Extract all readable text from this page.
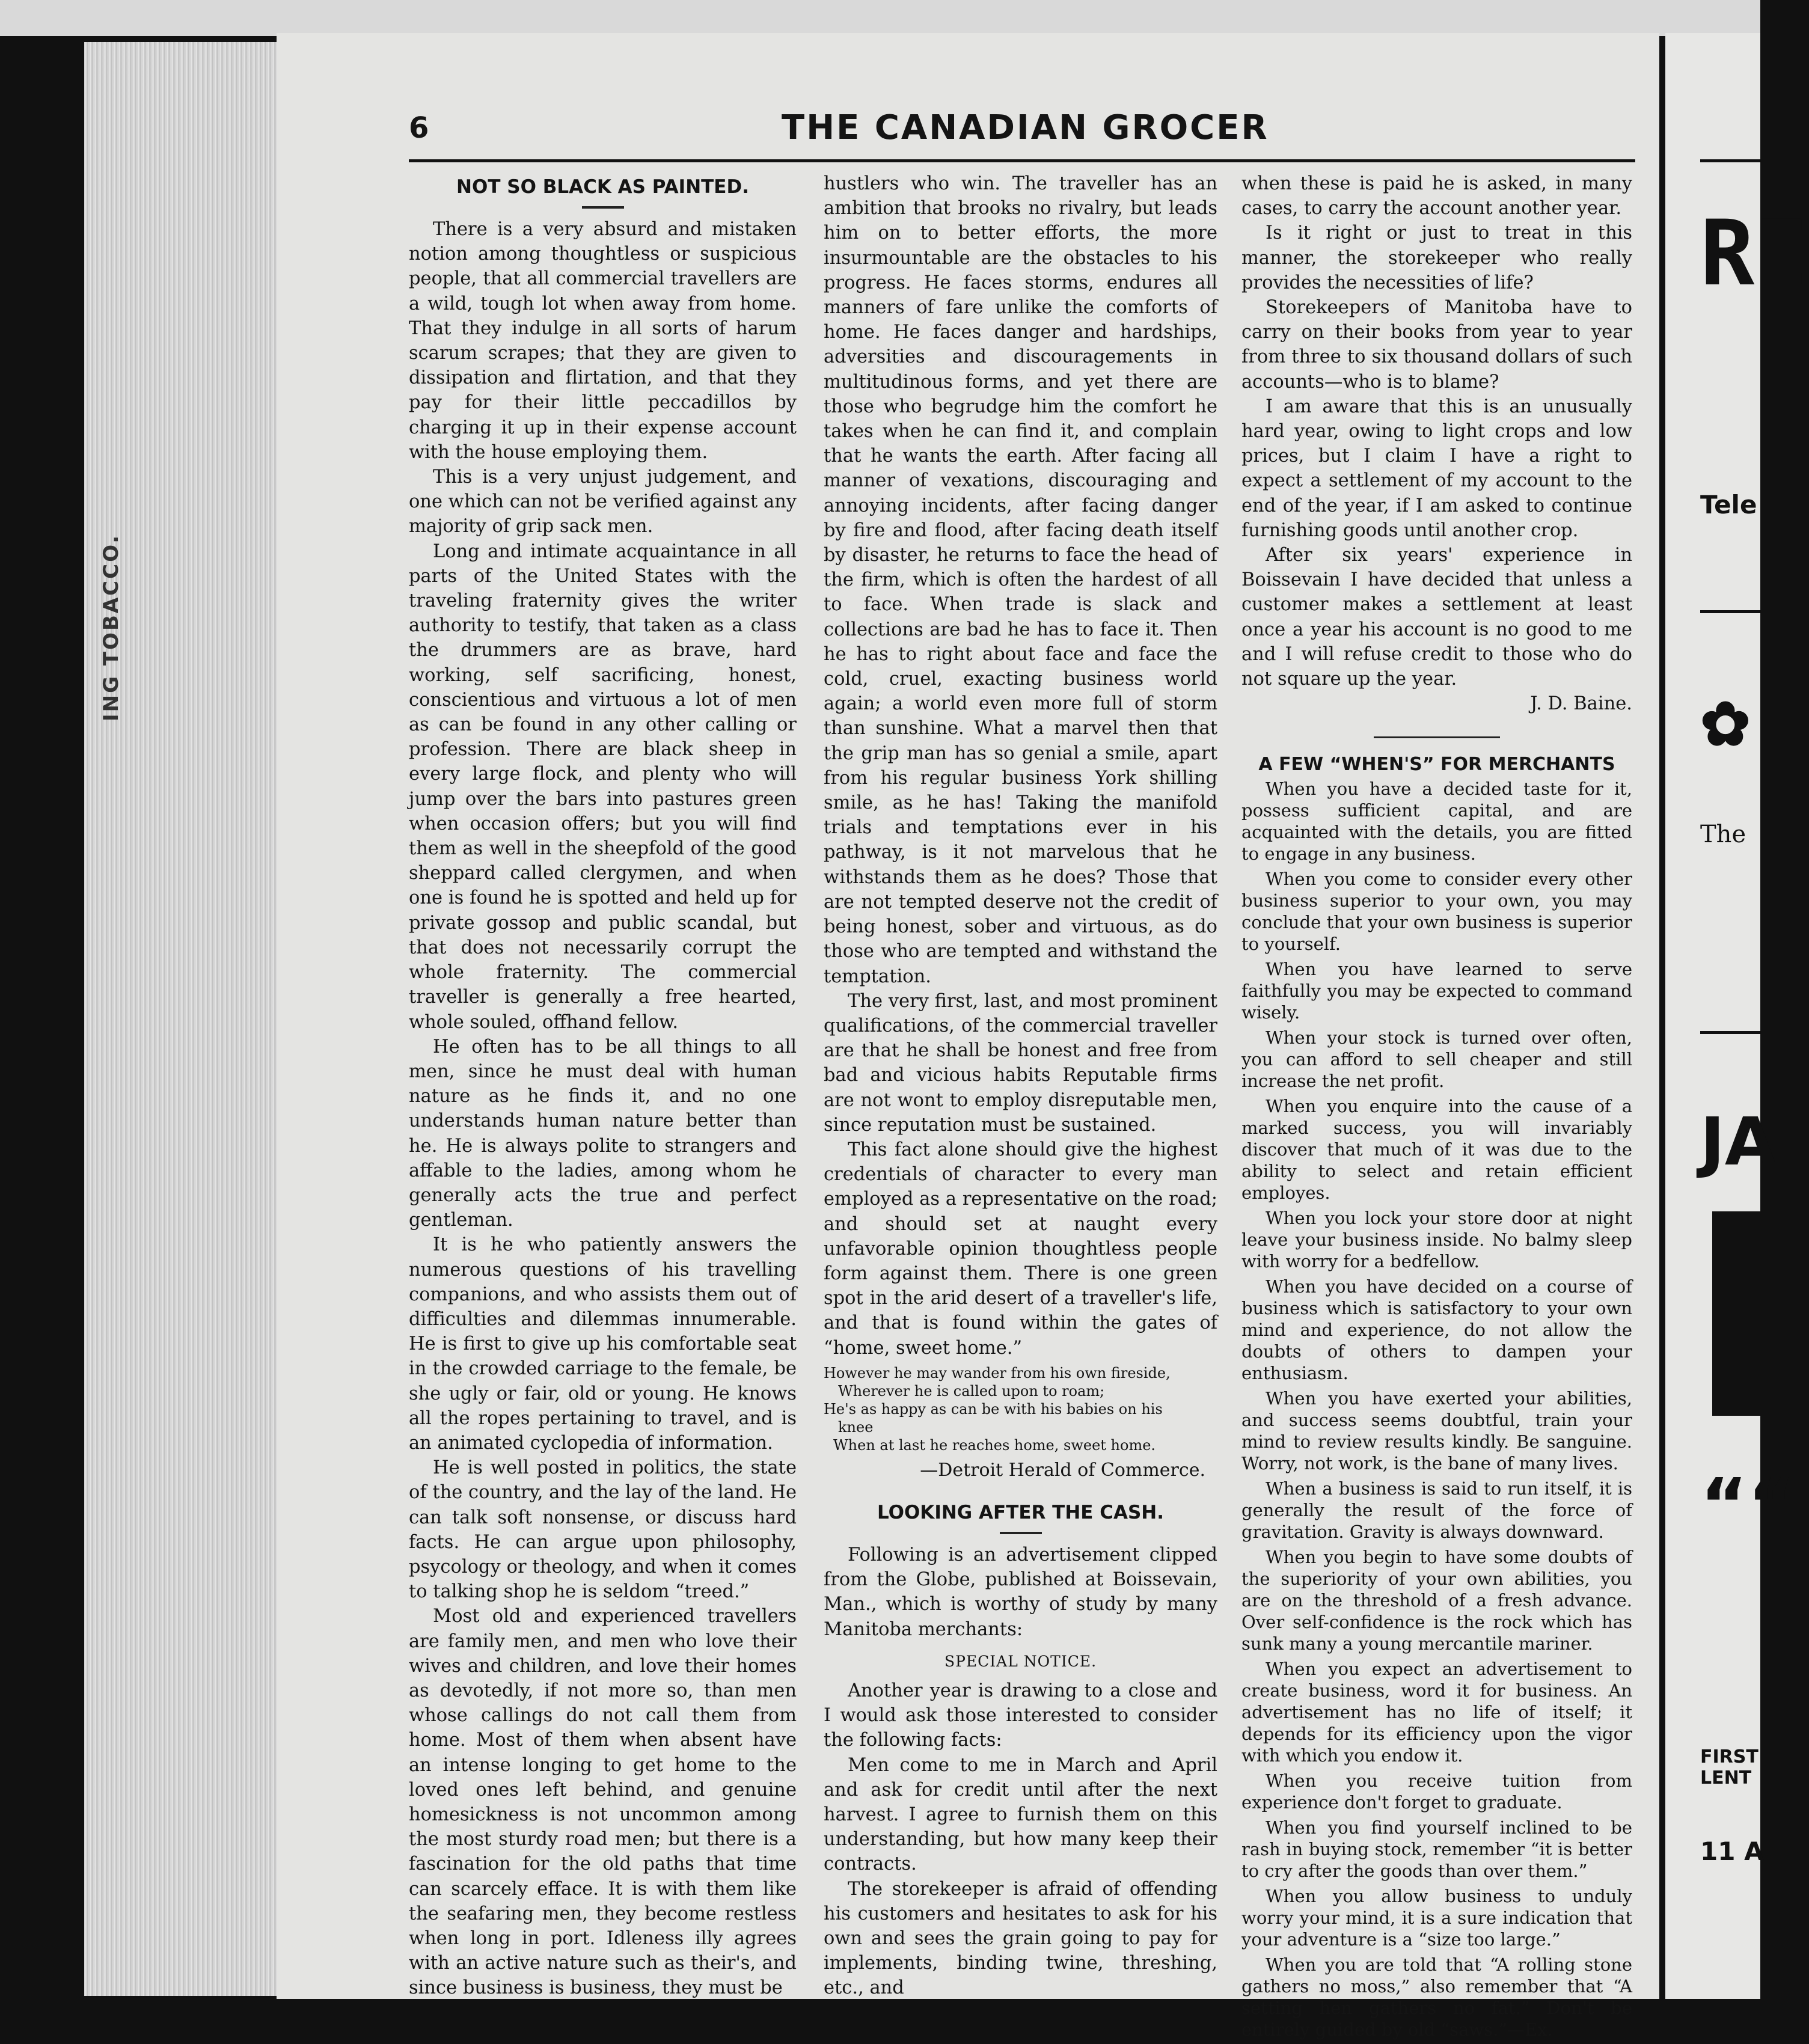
ING TOBACCO.
RI
Tele
✿
The
JA
““
FIRST
LENT
11 A
6	THE CANADIAN GROCER
NOT SO BLACK AS PAINTED.

There is a very absurd and mistaken notion among thoughtless or suspicious people, that all commercial travellers are a wild, tough lot when away from home. That they indulge in all sorts of harum scarum scrapes; that they are given to dissipation and flirtation, and that they pay for their little peccadillos by charging it up in their expense account with the house employing them.

This is a very unjust judgement, and one which can not be verified against any majority of grip sack men.

Long and intimate acquaintance in all parts of the United States with the traveling fraternity gives the writer authority to testify, that taken as a class the drummers are as brave, hard working, self sacrificing, honest, conscientious and virtuous a lot of men as can be found in any other calling or profession. There are black sheep in every large flock, and plenty who will jump over the bars into pastures green when occasion offers; but you will find them as well in the sheepfold of the good sheppard called clergymen, and when one is found he is spotted and held up for private gossop and public scandal, but that does not necessarily corrupt the whole fraternity. The commercial traveller is generally a free hearted, whole souled, offhand fellow.

He often has to be all things to all men, since he must deal with human nature as he finds it, and no one understands human nature better than he. He is always polite to strangers and affable to the ladies, among whom he generally acts the true and perfect gentleman.

It is he who patiently answers the numerous questions of his travelling companions, and who assists them out of difficulties and dilemmas innumerable. He is first to give up his comfortable seat in the crowded carriage to the female, be she ugly or fair, old or young. He knows all the ropes pertaining to travel, and is an animated cyclopedia of information.

He is well posted in politics, the state of the country, and the lay of the land. He can talk soft nonsense, or discuss hard facts. He can argue upon philosophy, psycology or theology, and when it comes to talking shop he is seldom “treed.”

Most old and experienced travellers are family men, and men who love their wives and children, and love their homes as devotedly, if not more so, than men whose callings do not call them from home. Most of them when absent have an intense longing to get home to the loved ones left behind, and genuine homesickness is not uncommon among the most sturdy road men; but there is a fascination for the old paths that time can scarcely efface. It is with them like the seafaring men, they become restless when long in port. Idleness illy agrees with an active nature such as their's, and since business is business, they must be

hustlers who win. The traveller has an ambition that brooks no rivalry, but leads him on to better efforts, the more insurmountable are the obstacles to his progress. He faces storms, endures all manners of fare unlike the comforts of home. He faces danger and hardships, adversities and discouragements in multitudinous forms, and yet there are those who begrudge him the comfort he takes when he can find it, and complain that he wants the earth. After facing all manner of vexations, discouraging and annoying incidents, after facing danger by fire and flood, after facing death itself by disaster, he returns to face the head of the firm, which is often the hardest of all to face. When trade is slack and collections are bad he has to face it. Then he has to right about face and face the cold, cruel, exacting business world again; a world even more full of storm than sunshine. What a marvel then that the grip man has so genial a smile, apart from his regular business York shilling smile, as he has! Taking the manifold trials and temptations ever in his pathway, is it not marvelous that he withstands them as he does? Those that are not tempted deserve not the credit of being honest, sober and virtuous, as do those who are tempted and withstand the temptation.

The very first, last, and most prominent qualifications, of the commercial traveller are that he shall be honest and free from bad and vicious habits Reputable firms are not wont to employ disreputable men, since reputation must be sustained.

This fact alone should give the highest credentials of character to every man employed as a representative on the road; and should set at naught every unfavorable opinion thoughtless people form against them. There is one green spot in the arid desert of a traveller's life, and that is found within the gates of “home, sweet home.”

However he may wander from his own fireside,
Wherever he is called upon to roam;
He's as happy as can be with his babies on his
knee
When at last he reaches home, sweet home.
—Detroit Herald of Commerce.
LOOKING AFTER THE CASH.

Following is an advertisement clipped from the Globe, published at Boissevain, Man., which is worthy of study by many Manitoba merchants:

SPECIAL NOTICE.

Another year is drawing to a close and I would ask those interested to consider the following facts:

Men come to me in March and April and ask for credit until after the next harvest. I agree to furnish them on this understanding, but how many keep their contracts.

The storekeeper is afraid of offending his customers and hesitates to ask for his own and sees the grain going to pay for implements, binding twine, threshing, etc., and

when these is paid he is asked, in many cases, to carry the account another year.

Is it right or just to treat in this manner, the storekeeper who really provides the necessities of life?

Storekeepers of Manitoba have to carry on their books from year to year from three to six thousand dollars of such accounts—who is to blame?

I am aware that this is an unusually hard year, owing to light crops and low prices, but I claim I have a right to expect a settlement of my account to the end of the year, if I am asked to continue furnishing goods until another crop.

After six years' experience in Boissevain I have decided that unless a customer makes a settlement at least once a year his account is no good to me and I will refuse credit to those who do not square up the year.

J. D. Baine.
A FEW “WHEN'S” FOR MERCHANTS

When you have a decided taste for it, possess sufficient capital, and are acquainted with the details, you are fitted to engage in any business.

When you come to consider every other business superior to your own, you may conclude that your own business is superior to yourself.

When you have learned to serve faithfully you may be expected to command wisely.

When your stock is turned over often, you can afford to sell cheaper and still increase the net profit.

When you enquire into the cause of a marked success, you will invariably discover that much of it was due to the ability to select and retain efficient employes.

When you lock your store door at night leave your business inside. No balmy sleep with worry for a bedfellow.

When you have decided on a course of business which is satisfactory to your own mind and experience, do not allow the doubts of others to dampen your enthusiasm.

When you have exerted your abilities, and success seems doubtful, train your mind to review results kindly. Be sanguine. Worry, not work, is the bane of many lives.

When a business is said to run itself, it is generally the result of the force of gravitation. Gravity is always downward.

When you begin to have some doubts of the superiority of your own abilities, you are on the threshold of a fresh advance. Over self-confidence is the rock which has sunk many a young mercantile mariner.

When you expect an advertisement to create business, word it for business. An advertisement has no life of itself; it depends for its efficiency upon the vigor with which you endow it.

When you receive tuition from experience don't forget to graduate.

When you find yourself inclined to be rash in buying stock, remember “it is better to cry after the goods than over them.”

When you allow business to unduly worry your mind, it is a sure indication that your adventure is a “size too large.”

When you are told that “A rolling stone gathers no moss,” also remember that “A setting hen gathers no fat.” Don't be entirely guided by old “saws.”—Ex.
